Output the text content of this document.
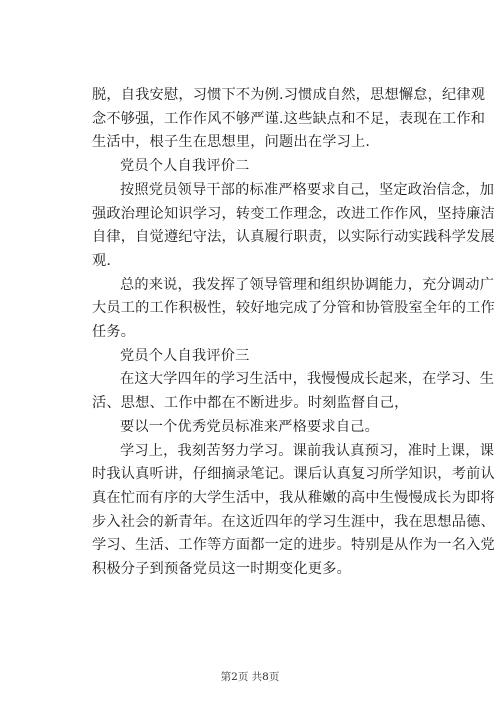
脱，自我安慰，习惯下不为例.习惯成自然，思想懈怠，纪律观
念不够强，工作作风不够严谨.这些缺点和不足，表现在工作和
生活中，根子生在思想里，问题出在学习上.
党员个人自我评价二
按照党员领导干部的标准严格要求自己，坚定政治信念，加
强政治理论知识学习，转变工作理念，改进工作作风，坚持廉洁
自律，自觉遵纪守法，认真履行职责，以实际行动实践科学发展
观.
总的来说，我发挥了领导管理和组织协调能力，充分调动广
大员工的工作积极性，较好地完成了分管和协管股室全年的工作
任务。
党员个人自我评价三
在这大学四年的学习生活中，我慢慢成长起来，在学习、生
活、思想、工作中都在不断进步。时刻监督自己，
要以一个优秀党员标准来严格要求自己。
学习上，我刻苦努力学习。课前我认真预习，准时上课，课
时我认真听讲，仔细摘录笔记。课后认真复习所学知识，考前认
真在忙而有序的大学生活中，我从稚嫩的高中生慢慢成长为即将
步入社会的新青年。在这近四年的学习生涯中，我在思想品德、
学习、生活、工作等方面都一定的进步。特别是从作为一名入党
积极分子到预备党员这一时期变化更多。
第2页 共8页
